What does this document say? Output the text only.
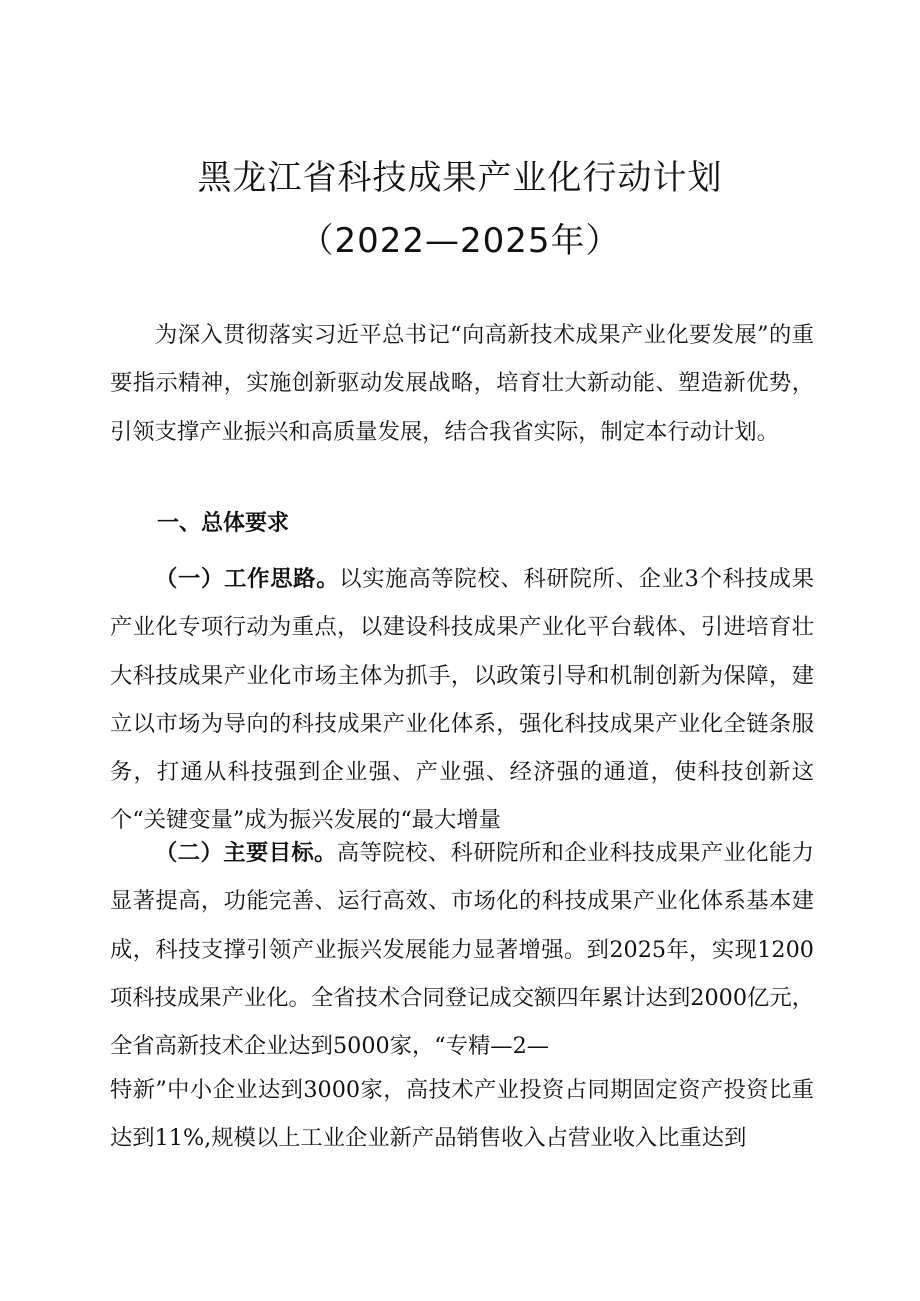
黑龙江省科技成果产业化行动计划
（2022—2025年）

为深入贯彻落实习近平总书记“向高新技术成果产业化要发展”的重要指示精神，实施创新驱动发展战略，培育壮大新动能、塑造新优势，引领支撑产业振兴和高质量发展，结合我省实际，制定本行动计划。

一、总体要求

（一）工作思路。以实施高等院校、科研院所、企业3个科技成果产业化专项行动为重点，以建设科技成果产业化平台载体、引进培育壮大科技成果产业化市场主体为抓手，以政策引导和机制创新为保障，建立以市场为导向的科技成果产业化体系，强化科技成果产业化全链条服务，打通从科技强到企业强、产业强、经济强的通道，使科技创新这个“关键变量”成为振兴发展的“最大增量

（二）主要目标。高等院校、科研院所和企业科技成果产业化能力显著提高，功能完善、运行高效、市场化的科技成果产业化体系基本建成，科技支撑引领产业振兴发展能力显著增强。到2025年，实现1200项科技成果产业化。全省技术合同登记成交额四年累计达到2000亿元，全省高新技术企业达到5000家，“专精—2—

特新”中小企业达到3000家，高技术产业投资占同期固定资产投资比重达到11%,规模以上工业企业新产品销售收入占营业收入比重达到
